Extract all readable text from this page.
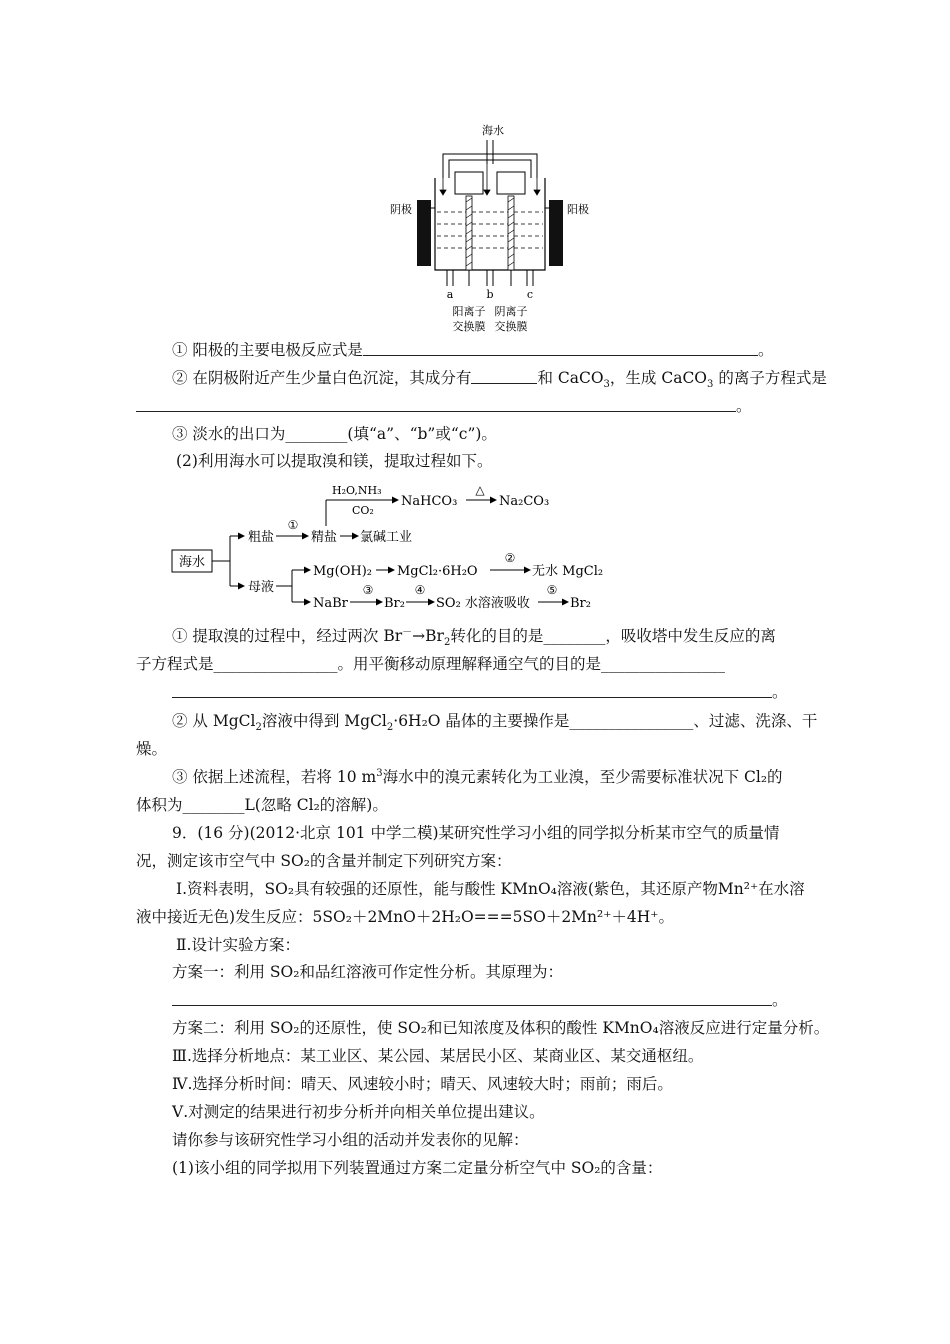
海水
阴极	阳极
a	b	c
阳离子
交换膜
阴离子
交换膜
① 阳极的主要电极反应式是	。
② 在阴极附近产生少量白色沉淀，其成分有	和 CaCO$_3$，生成 CaCO$_3$ 的离子方程式是
。
③ 淡水的出口为________(填“a”、“b”或“c”)。
(2)利用海水可以提取溴和镁，提取过程如下。
海水
粗盐
①
精盐 氯碱工业
H₂O,NH₃
CO₂
NaHCO₃
△
Na₂CO₃
母液
Mg(OH)₂ MgCl₂·6H₂O
②
无水 MgCl₂
NaBr
③
Br₂
④
SO₂ 水溶液吸收
⑤
Br₂
① 提取溴的过程中，经过两次 $Br^-\to Br_2$转化的目的是________，吸收塔中发生反应的离
子方程式是________________。用平衡移动原理解释通空气的目的是________________
。
② 从 MgCl$_2$溶液中得到 MgCl$_2$·6H₂O 晶体的主要操作是________________、过滤、洗涤、干
燥。
③ 依据上述流程，若将 10 $m^3$海水中的溴元素转化为工业溴，至少需要标准状况下 Cl₂的
体积为________L(忽略 Cl₂的溶解)。
9．(16 分)(2012·北京 101 中学二模)某研究性学习小组的同学拟分析某市空气的质量情
况，测定该市空气中 SO₂的含量并制定下列研究方案：
Ⅰ.资料表明，SO₂具有较强的还原性，能与酸性 KMnO₄溶液(紫色，其还原产物Mn²⁺在水溶
液中接近无色)发生反应：5SO₂＋2MnO＋2H₂O===5SO＋2Mn²⁺＋4H⁺。
Ⅱ.设计实验方案：
方案一：利用 SO₂和品红溶液可作定性分析。其原理为：
。
方案二：利用 SO₂的还原性，使 SO₂和已知浓度及体积的酸性 KMnO₄溶液反应进行定量分析。
Ⅲ.选择分析地点：某工业区、某公园、某居民小区、某商业区、某交通枢纽。
Ⅳ.选择分析时间：晴天、风速较小时；晴天、风速较大时；雨前；雨后。
Ⅴ.对测定的结果进行初步分析并向相关单位提出建议。
请你参与该研究性学习小组的活动并发表你的见解：
(1)该小组的同学拟用下列装置通过方案二定量分析空气中 SO₂的含量：
